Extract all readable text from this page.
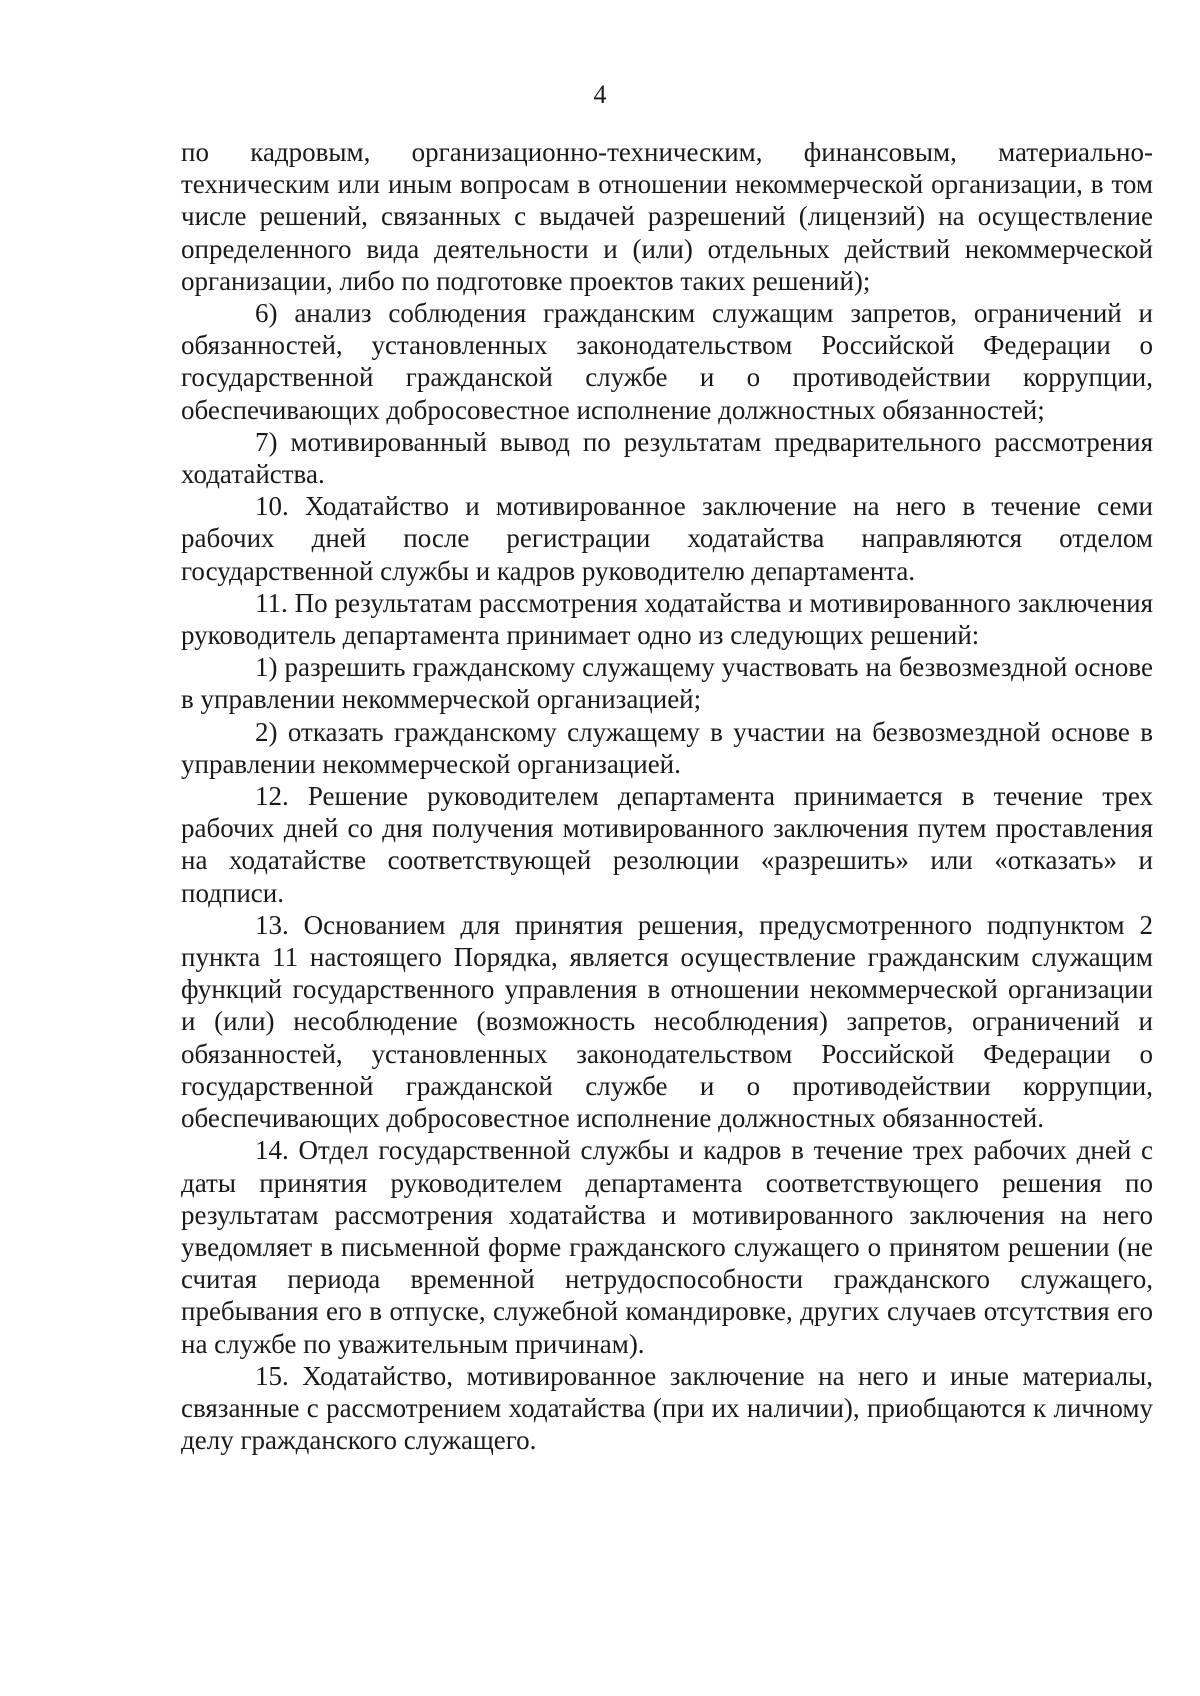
4

по кадровым, организационно-техническим, финансовым, материально-техническим или иным вопросам в отношении некоммерческой организации, в том числе решений, связанных с выдачей разрешений (лицензий) на осуществление определенного вида деятельности и (или) отдельных действий некоммерческой организации, либо по подготовке проектов таких решений);

6) анализ соблюдения гражданским служащим запретов, ограничений и обязанностей, установленных законодательством Российской Федерации о государственной гражданской службе и о противодействии коррупции, обеспечивающих добросовестное исполнение должностных обязанностей;

7) мотивированный вывод по результатам предварительного рассмотрения ходатайства.

10. Ходатайство и мотивированное заключение на него в течение семи рабочих дней после регистрации ходатайства направляются отделом государственной службы и кадров руководителю департамента.

11. По результатам рассмотрения ходатайства и мотивированного заключения руководитель департамента принимает одно из следующих решений:

1) разрешить гражданскому служащему участвовать на безвозмездной основе в управлении некоммерческой организацией;

2) отказать гражданскому служащему в участии на безвозмездной основе в управлении некоммерческой организацией.

12. Решение руководителем департамента принимается в течение трех рабочих дней со дня получения мотивированного заключения путем проставления на ходатайстве соответствующей резолюции «разрешить» или «отказать» и подписи.

13. Основанием для принятия решения, предусмотренного подпунктом 2 пункта 11 настоящего Порядка, является осуществление гражданским служащим функций государственного управления в отношении некоммерческой организации и (или) несоблюдение (возможность несоблюдения) запретов, ограничений и обязанностей, установленных законодательством Российской Федерации о государственной гражданской службе и о противодействии коррупции, обеспечивающих добросовестное исполнение должностных обязанностей.

14. Отдел государственной службы и кадров в течение трех рабочих дней с даты принятия руководителем департамента соответствующего решения по результатам рассмотрения ходатайства и мотивированного заключения на него уведомляет в письменной форме гражданского служащего о принятом решении (не считая периода временной нетрудоспособности гражданского служащего, пребывания его в отпуске, служебной командировке, других случаев отсутствия его на службе по уважительным причинам).

15. Ходатайство, мотивированное заключение на него и иные материалы, связанные с рассмотрением ходатайства (при их наличии), приобщаются к личному делу гражданского служащего.
